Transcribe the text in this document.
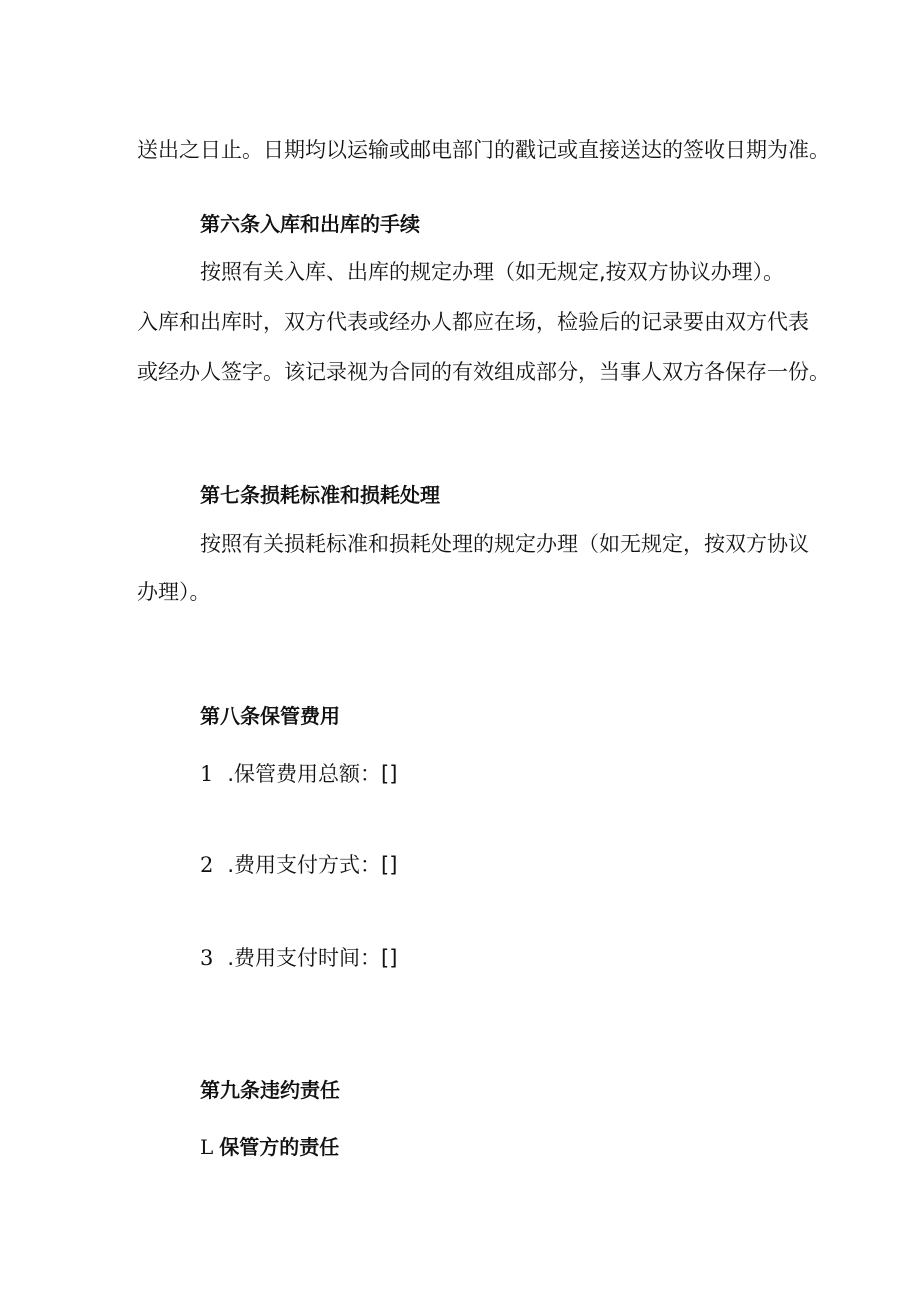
送出之日止。日期均以运输或邮电部门的戳记或直接送达的签收日期为准。
第六条入库和出库的手续
按照有关入库、出库的规定办理（如无规定,按双方协议办理）。
入库和出库时，双方代表或经办人都应在场，检验后的记录要由双方代表
或经办人签字。该记录视为合同的有效组成部分，当事人双方各保存一份。
第七条损耗标准和损耗处理
按照有关损耗标准和损耗处理的规定办理（如无规定，按双方协议
办理）。
第八条保管费用
1 .保管费用总额：[]
2 .费用支付方式：[]
3 .费用支付时间：[]
第九条违约责任
L 保管方的责任
